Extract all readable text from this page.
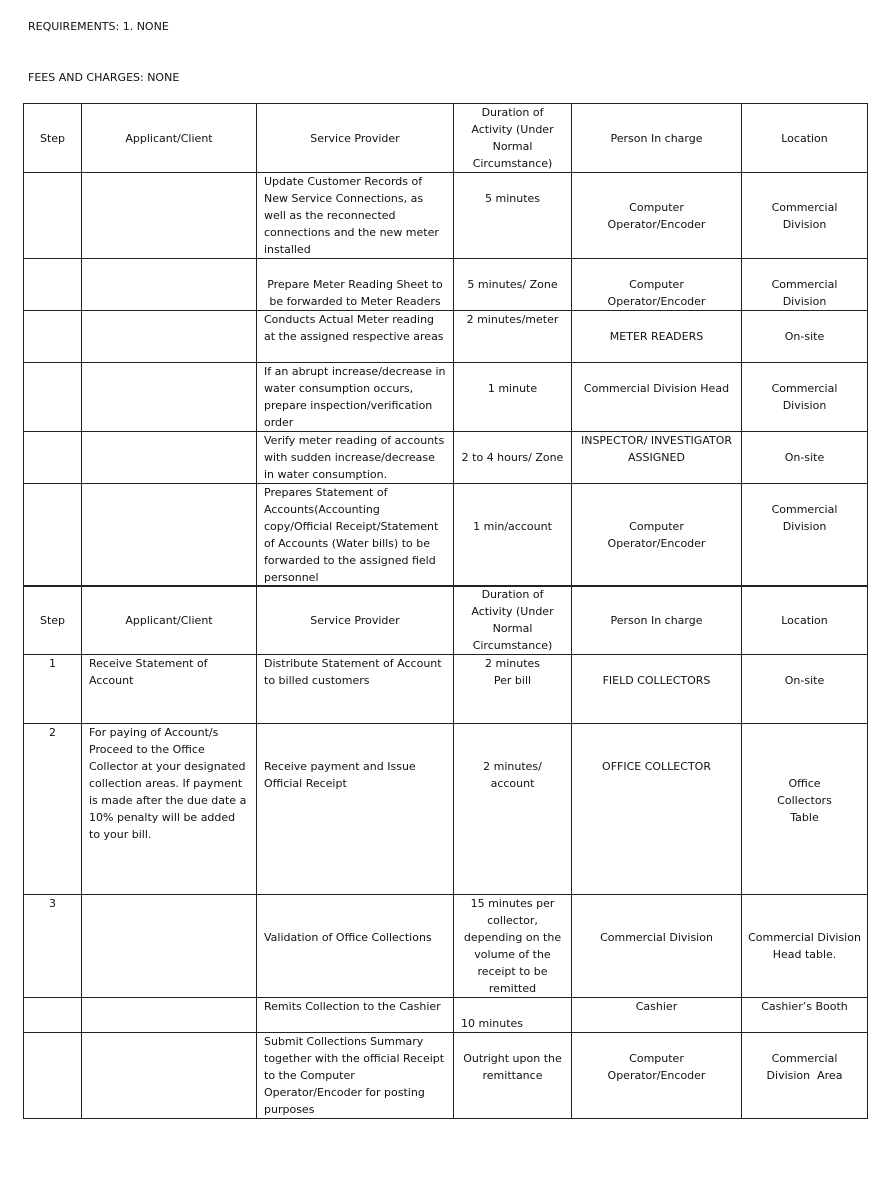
REQUIREMENTS: 1. NONE
FEES AND CHARGES: NONE
Step	Applicant/Client	Service Provider	Duration of Activity (Under Normal Circumstance)	Person In charge	Location
		Update Customer Records of New Service Connections, as well as the reconnected connections and the new meter installed	5 minutes	Computer Operator/Encoder	Commercial Division
		Prepare Meter Reading Sheet to be forwarded to Meter Readers	5 minutes/ Zone	Computer Operator/Encoder	Commercial Division
		Conducts Actual Meter reading at the assigned respective areas	2 minutes/meter	METER READERS	On-site
		If an abrupt increase/decrease in water consumption occurs, prepare inspection/verification order	1 minute	Commercial Division Head	Commercial Division
		Verify meter reading of accounts with sudden increase/decrease in water consumption.	2 to 4 hours/ Zone	INSPECTOR/ INVESTIGATOR ASSIGNED	On-site
		Prepares Statement of Accounts(Accounting copy/Official Receipt/Statement of Accounts (Water bills) to be forwarded to the assigned field personnel	1 min/account	Computer Operator/Encoder	Commercial Division
Step	Applicant/Client	Service Provider	Duration of Activity (Under Normal Circumstance)	Person In charge	Location
1	Receive Statement of Account	Distribute Statement of Account to billed customers	2 minutes Per bill	FIELD COLLECTORS	On-site
2	For paying of Account/s Proceed to the Office Collector at your designated collection areas. If payment is made after the due date a 10% penalty will be added to your bill.	Receive payment and Issue Official Receipt	2 minutes/ account	OFFICE COLLECTOR	Office Collectors Table
3		Validation of Office Collections	15 minutes per collector, depending on the volume of the receipt to be remitted	Commercial Division	Commercial Division Head table.
		Remits Collection to the Cashier	10 minutes	Cashier	Cashier’s Booth
		Submit Collections Summary together with the official Receipt to the Computer Operator/Encoder for posting purposes	Outright upon the remittance	Computer Operator/Encoder	Commercial Division  Area
